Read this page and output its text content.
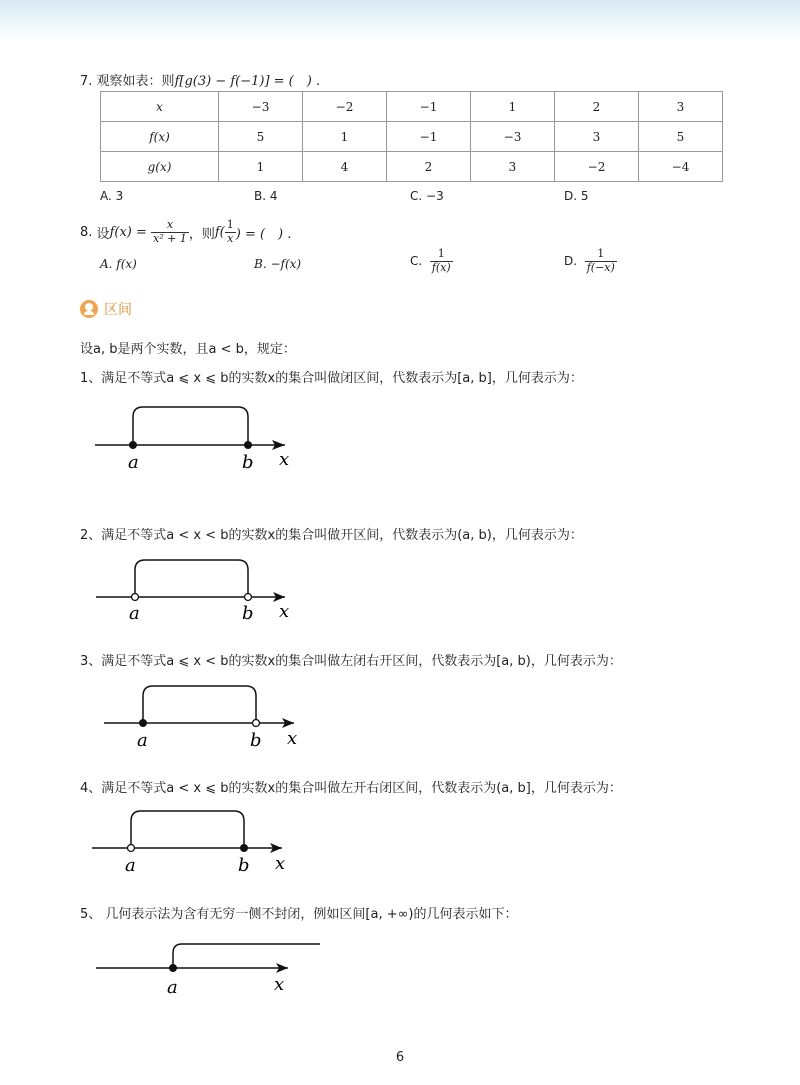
7. 观察如表：则f[g(3) − f(−1)] = (　) .
x	−3	−2	−1	1	2	3
f(x)	5	1	−1	−3	3	5
g(x)	1	4	2	3	−2	−4
A. 3	B. 4	C. −3	D. 5
8.
设 f(x) =
$\frac{x}{\text{x² + 1}}$ ，则 $f( \frac{1}{x}$ ) = (　) .
A. f(x)	B. −f(x)	C.
$\frac{1}{f(x)}$	D.
$\frac{1}{f(-x)}$
区间
设a, b是两个实数，且a < b，规定：
1、满足不等式a ⩽ x ⩽ b的实数x的集合叫做闭区间，代数表示为[a, b]，几何表示为：
a	b x
2、满足不等式a < x < b的实数x的集合叫做开区间，代数表示为(a, b)，几何表示为：
a	b x
3、满足不等式a ⩽ x < b的实数x的集合叫做左闭右开区间，代数表示为[a, b)，几何表示为：
a	b x
4、满足不等式a < x ⩽ b的实数x的集合叫做左开右闭区间，代数表示为(a, b]，几何表示为：
a	b x
5、 几何表示法为含有无穷一侧不封闭，例如区间[a, +∞)的几何表示如下：
a	x
6
